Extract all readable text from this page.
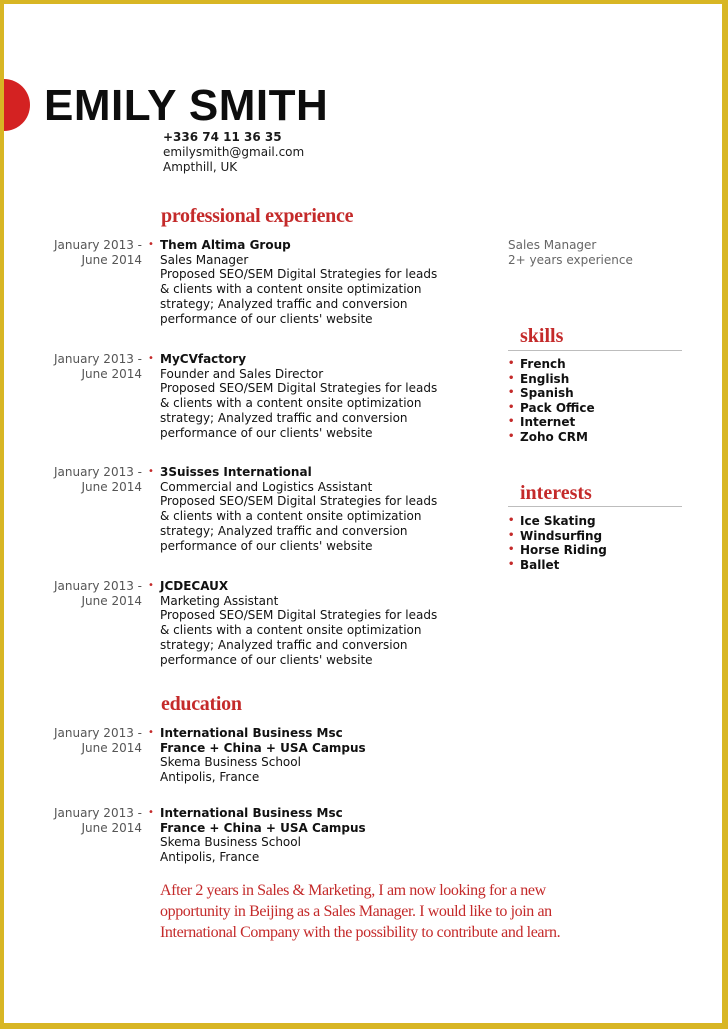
EMILY SMITH
+336 74 11 36 35
emilysmith@gmail.com
Ampthill, UK
professional experience
January 2013 -
June 2014
• Them Altima Group
Sales Manager
Proposed SEO/SEM Digital Strategies for leads
& clients with a content onsite optimization
strategy; Analyzed traffic and conversion
performance of our clients' website
January 2013 -
June 2014
• MyCVfactory
Founder and Sales Director
Proposed SEO/SEM Digital Strategies for leads
& clients with a content onsite optimization
strategy; Analyzed traffic and conversion
performance of our clients' website
January 2013 -
June 2014
• 3Suisses International
Commercial and Logistics Assistant
Proposed SEO/SEM Digital Strategies for leads
& clients with a content onsite optimization
strategy; Analyzed traffic and conversion
performance of our clients' website
January 2013 -
June 2014
• JCDECAUX
Marketing Assistant
Proposed SEO/SEM Digital Strategies for leads
& clients with a content onsite optimization
strategy; Analyzed traffic and conversion
performance of our clients' website
education
January 2013 -
June 2014
• International Business Msc
France + China + USA Campus
Skema Business School
Antipolis, France
January 2013 -
June 2014
• International Business Msc
France + China + USA Campus
Skema Business School
Antipolis, France
Sales Manager
2+ years experience
skills
• French
• English
• Spanish
• Pack Office
• Internet
• Zoho CRM
interests
• Ice Skating
• Windsurfing
• Horse Riding
• Ballet
After 2 years in Sales & Marketing, I am now looking for a new
opportunity in Beijing as a Sales Manager. I would like to join an
International Company with the possibility to contribute and learn.
